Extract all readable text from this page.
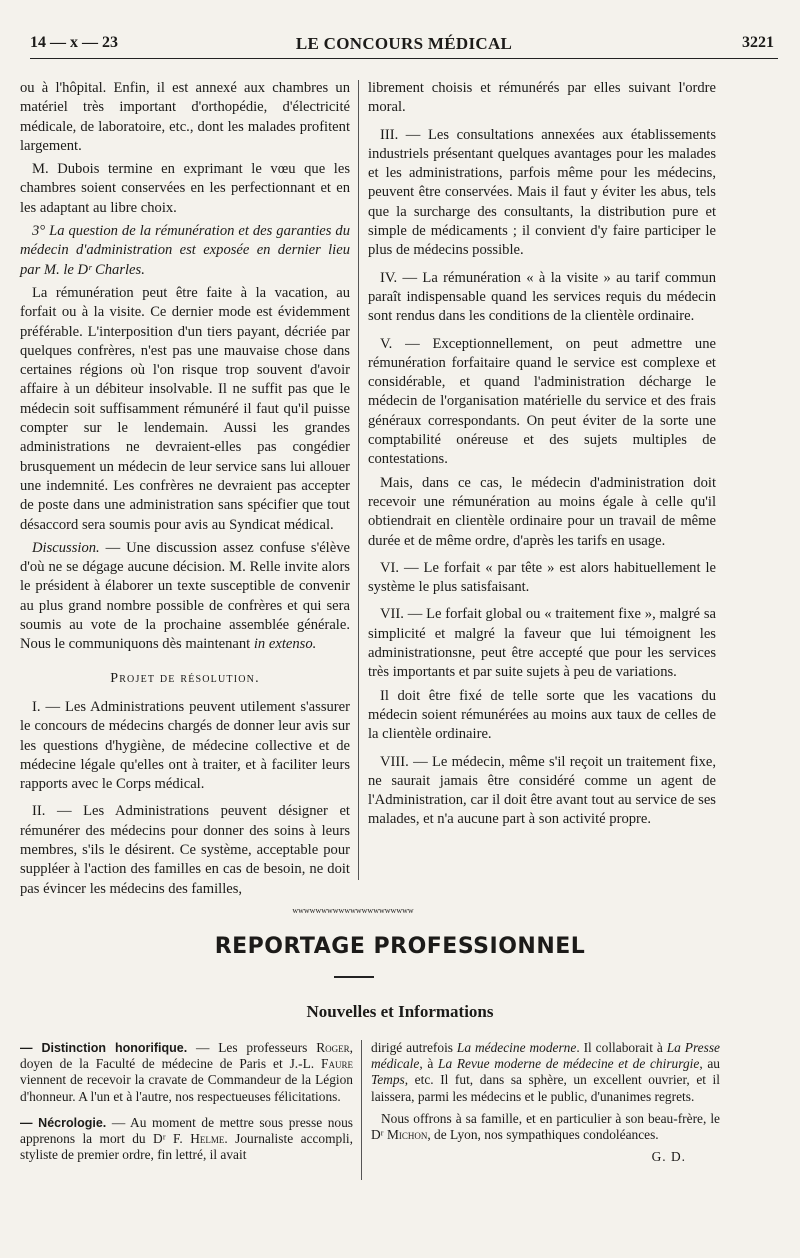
14 — x — 23	LE CONCOURS MÉDICAL	3221

ou à l'hôpital. Enfin, il est annexé aux chambres un matériel très important d'orthopédie, d'électricité médicale, de laboratoire, etc., dont les malades profitent largement.

M. Dubois termine en exprimant le vœu que les chambres soient conservées en les perfectionnant et en les adaptant au libre choix.

3° La question de la rémunération et des garanties du médecin d'administration est exposée en dernier lieu par M. le Dʳ Charles.

La rémunération peut être faite à la vacation, au forfait ou à la visite. Ce dernier mode est évidemment préférable. L'interposition d'un tiers payant, décriée par quelques confrères, n'est pas une mauvaise chose dans certaines régions où l'on risque trop souvent d'avoir affaire à un débiteur insolvable. Il ne suffit pas que le médecin soit suffisamment rémunéré il faut qu'il puisse compter sur le lendemain. Aussi les grandes administrations ne devraient-elles pas congédier brusquement un médecin de leur service sans lui allouer une indemnité. Les confrères ne devraient pas accepter de poste dans une administration sans spécifier que tout désaccord sera soumis pour avis au Syndicat médical.

Discussion. — Une discussion assez confuse s'élève d'où ne se dégage aucune décision. M. Relle invite alors le président à élaborer un texte susceptible de convenir au plus grand nombre possible de confrères et qui sera soumis au vote de la prochaine assemblée générale. Nous le communiquons dès maintenant in extenso.

Projet de résolution.

I. — Les Administrations peuvent utilement s'assurer le concours de médecins chargés de donner leur avis sur les questions d'hygiène, de médecine collective et de médecine légale qu'elles ont à traiter, et à faciliter leurs rapports avec le Corps médical.

II. — Les Administrations peuvent désigner et rémunérer des médecins pour donner des soins à leurs membres, s'ils le désirent. Ce système, acceptable pour suppléer à l'action des familles en cas de besoin, ne doit pas évincer les médecins des familles,

librement choisis et rémunérés par elles suivant l'ordre moral.

III. — Les consultations annexées aux établissements industriels présentant quelques avantages pour les malades et les administrations, parfois même pour les médecins, peuvent être conservées. Mais il faut y éviter les abus, tels que la surcharge des consultants, la distribution pure et simple de médicaments ; il convient d'y faire participer le plus de médecins possible.

IV. — La rémunération « à la visite » au tarif commun paraît indispensable quand les services requis du médecin sont rendus dans les conditions de la clientèle ordinaire.

V. — Exceptionnellement, on peut admettre une rémunération forfaitaire quand le service est complexe et considérable, et quand l'administration décharge le médecin de l'organisation matérielle du service et des frais généraux correspondants. On peut éviter de la sorte une comptabilité onéreuse et des sujets multiples de contestations.

Mais, dans ce cas, le médecin d'administration doit recevoir une rémunération au moins égale à celle qu'il obtiendrait en clientèle ordinaire pour un travail de même durée et de même ordre, d'après les tarifs en usage.

VI. — Le forfait « par tête » est alors habituellement le système le plus satisfaisant.

VII. — Le forfait global ou « traitement fixe », malgré sa simplicité et malgré la faveur que lui témoignent les administrationsne, peut être accepté que pour les services très importants et par suite sujets à peu de variations.

Il doit être fixé de telle sorte que les vacations du médecin soient rémunérées au moins aux taux de celles de la clientèle ordinaire.

VIII. — Le médecin, même s'il reçoit un traitement fixe, ne saurait jamais être considéré comme un agent de l'Administration, car il doit être avant tout au service de ses malades, et n'a aucune part à son activité propre.

wwwwwwwwwwwwwwwwwwwww
REPORTAGE PROFESSIONNEL
Nouvelles et Informations

— Distinction honorifique. — Les professeurs Roger, doyen de la Faculté de médecine de Paris et J.-L. Faure viennent de recevoir la cravate de Commandeur de la Légion d'honneur. A l'un et à l'autre, nos respectueuses félicitations.

— Nécrologie. — Au moment de mettre sous presse nous apprenons la mort du Dʳ F. Helme. Journaliste accompli, styliste de premier ordre, fin lettré, il avait

dirigé autrefois La médecine moderne. Il collaborait à La Presse médicale, à La Revue moderne de médecine et de chirurgie, au Temps, etc. Il fut, dans sa sphère, un excellent ouvrier, et il laissera, parmi les médecins et le public, d'unanimes regrets.

Nous offrons à sa famille, et en particulier à son beau-frère, le Dʳ Michon, de Lyon, nos sympathiques condoléances.

G. D.
